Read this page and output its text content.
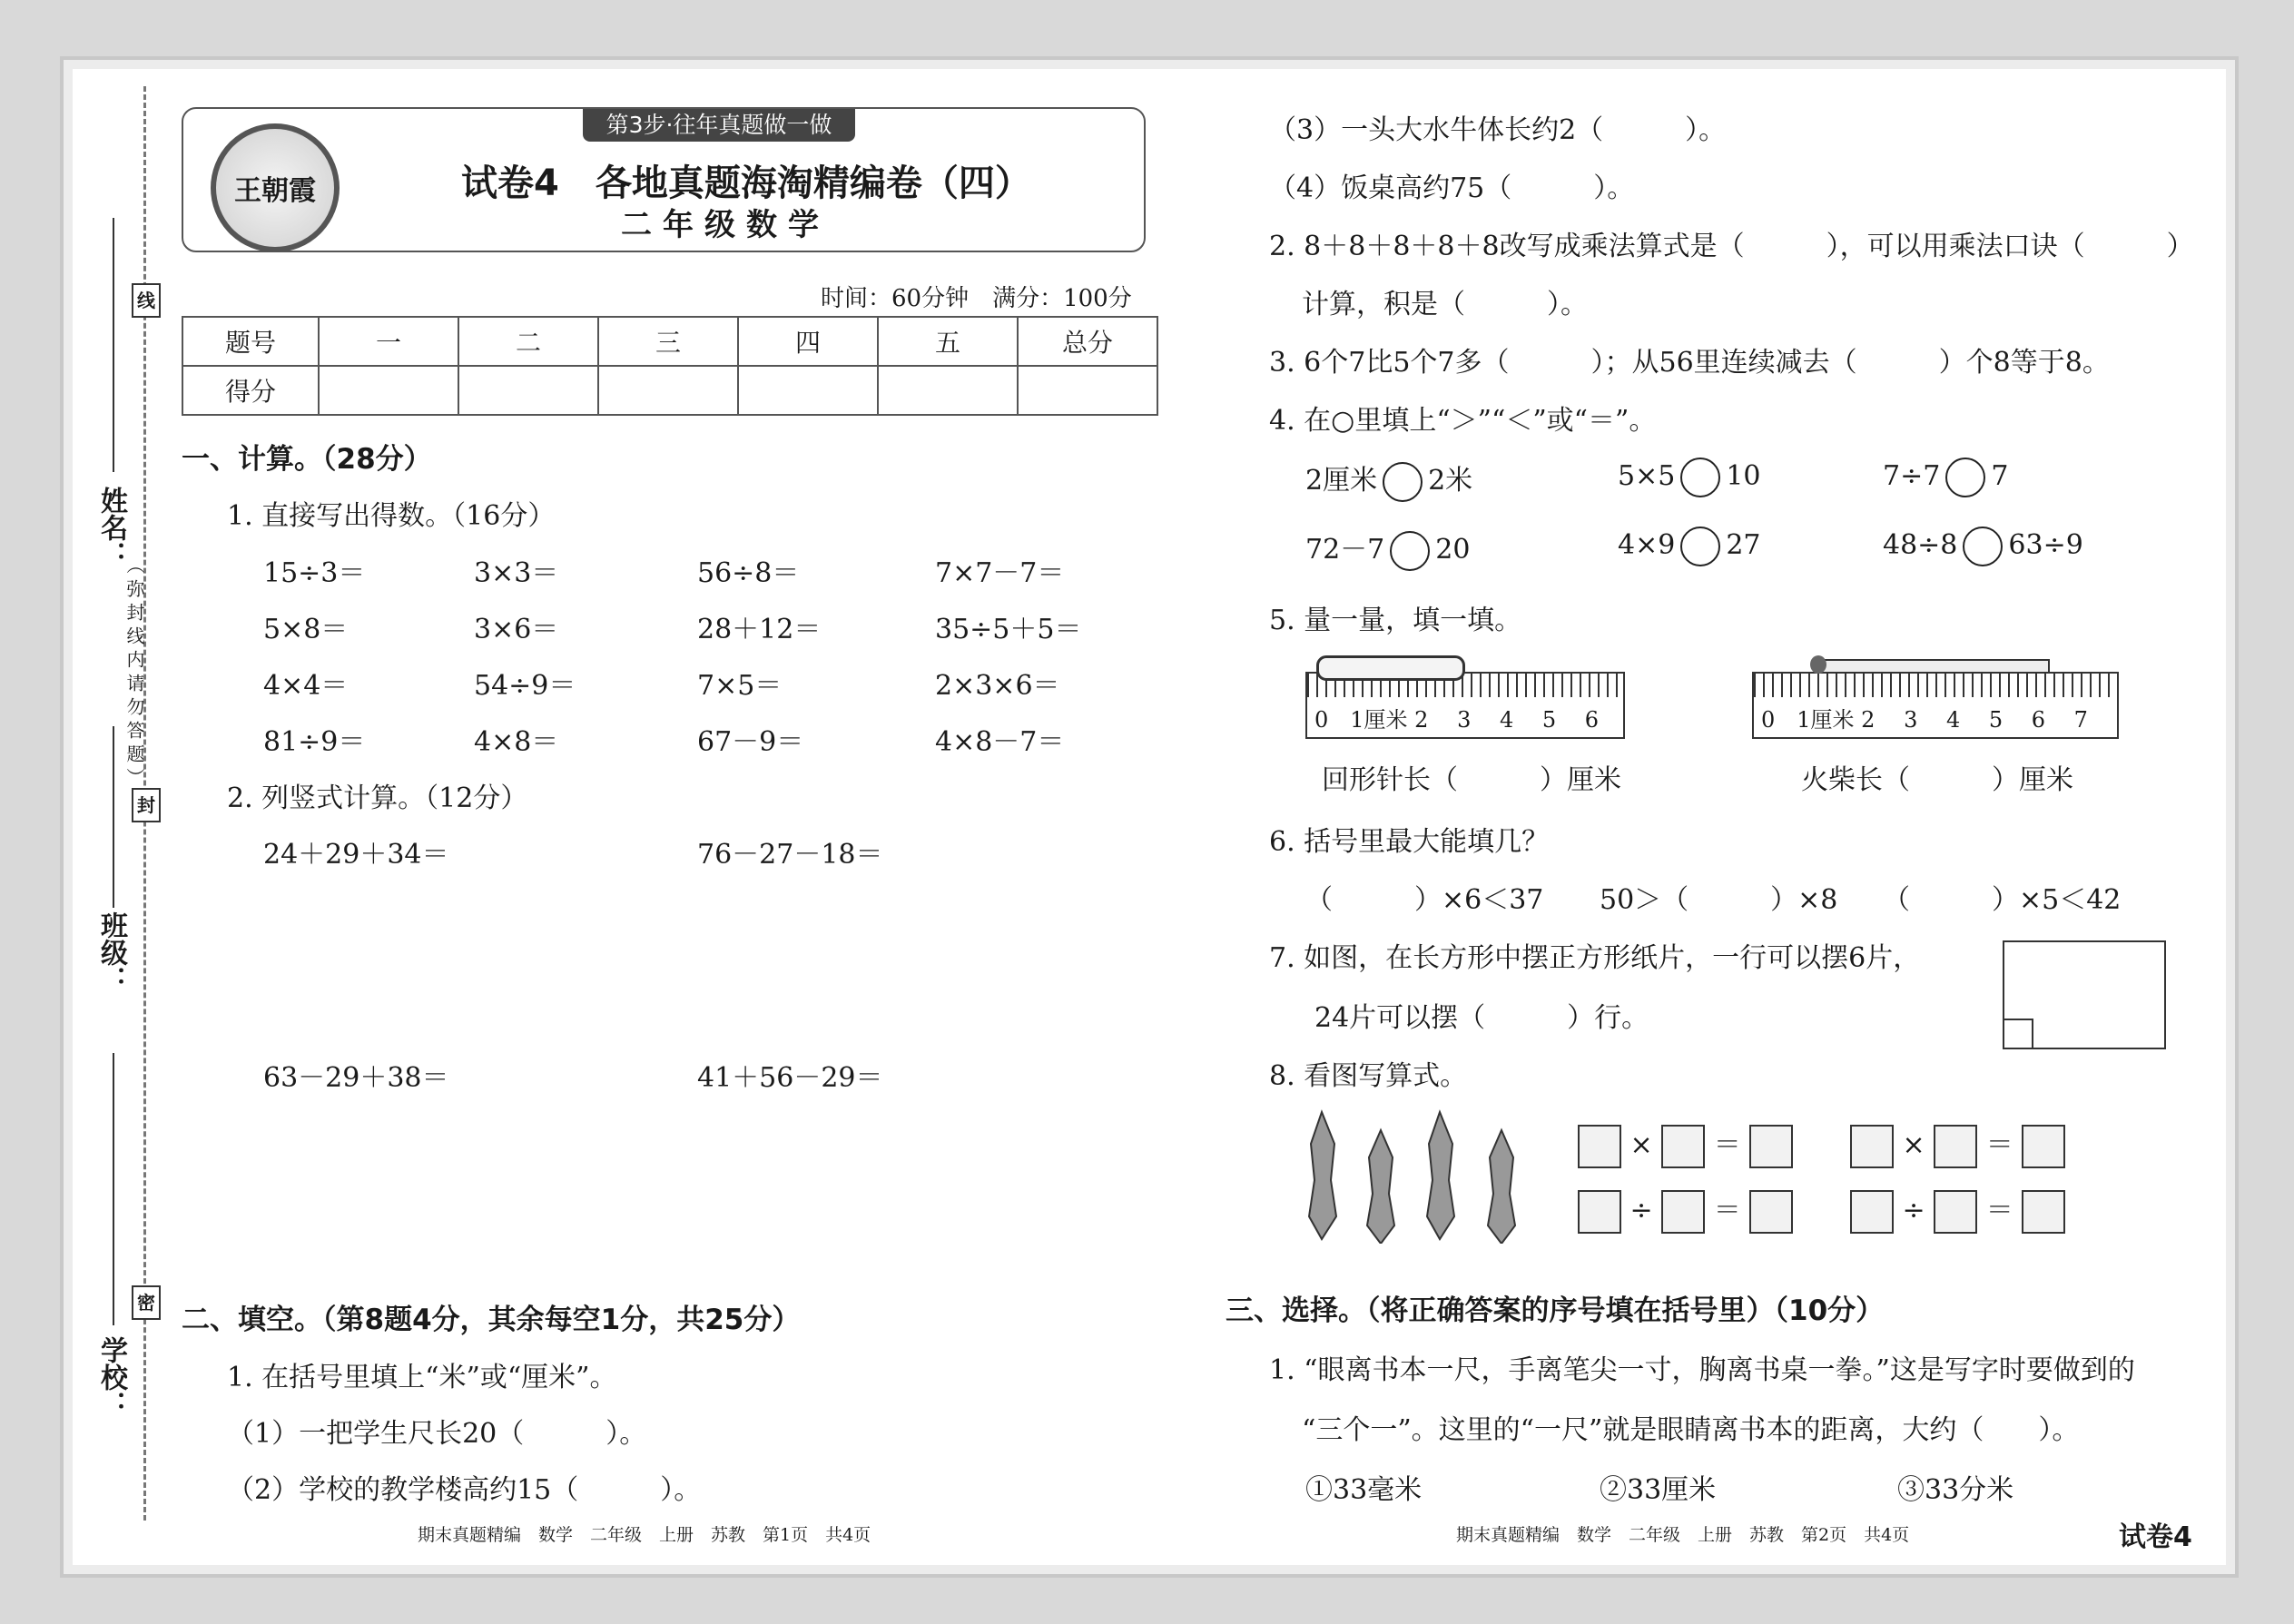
线
封
密
姓名：
（弥封线内请勿答题）
班级：
学校：
第3步·往年真题做一做
王朝霞	试卷4　各地真题海淘精编卷（四）
二年级数学
时间：60分钟　满分：100分
题号	一	二	三	四	五	总分
得分						
一、计算。（28分）
1. 直接写出得数。（16分）
15÷3＝	3×3＝	56÷8＝	7×7－7＝
5×8＝	3×6＝	28＋12＝	35÷5＋5＝
4×4＝	54÷9＝	7×5＝	2×3×6＝
81÷9＝	4×8＝	67－9＝	4×8－7＝
2. 列竖式计算。（12分）
24＋29＋34＝	76－27－18＝
63－29＋38＝	41＋56－29＝
二、填空。（第8题4分，其余每空1分，共25分）
1. 在括号里填上“米”或“厘米”。
（1）一把学生尺长20（　　　）。
（2）学校的教学楼高约15（　　　）。
（3）一头大水牛体长约2（　　　）。
（4）饭桌高约75（　　　）。
2. 8＋8＋8＋8＋8改写成乘法算式是（　　　），可以用乘法口诀（　　　）
计算，积是（　　　）。
3. 6个7比5个7多（　　　）；从56里连续减去（　　　）个8等于8。
4. 在○里填上“＞”“＜”或“＝”。
2厘米 2米	5×5 10	7÷7 7
72－7 20	4×9 27	48÷8 63÷9
5. 量一量，填一填。
0　1厘米 2　 3　 4　 5　 6
回形针长（　　　）厘米
0　1厘米 2　 3　 4　 5　 6　 7
火柴长（　　　）厘米
6. 括号里最大能填几？
（　　　）×6＜37 50＞（　　　）×8 （　　　）×5＜42
7. 如图，在长方形中摆正方形纸片，一行可以摆6片，
24片可以摆（　　　）行。
8. 看图写算式。
× ＝	× ＝
÷ ＝	÷ ＝
三、选择。（将正确答案的序号填在括号里）（10分）
1. “眼离书本一尺，手离笔尖一寸，胸离书桌一拳。”这是写字时要做到的
“三个一”。这里的“一尺”就是眼睛离书本的距离，大约（　　）。
①33毫米	②33厘米	③33分米
期末真题精编　数学　二年级　上册　苏教　第1页　共4页	期末真题精编　数学　二年级　上册　苏教　第2页　共4页	试卷4
